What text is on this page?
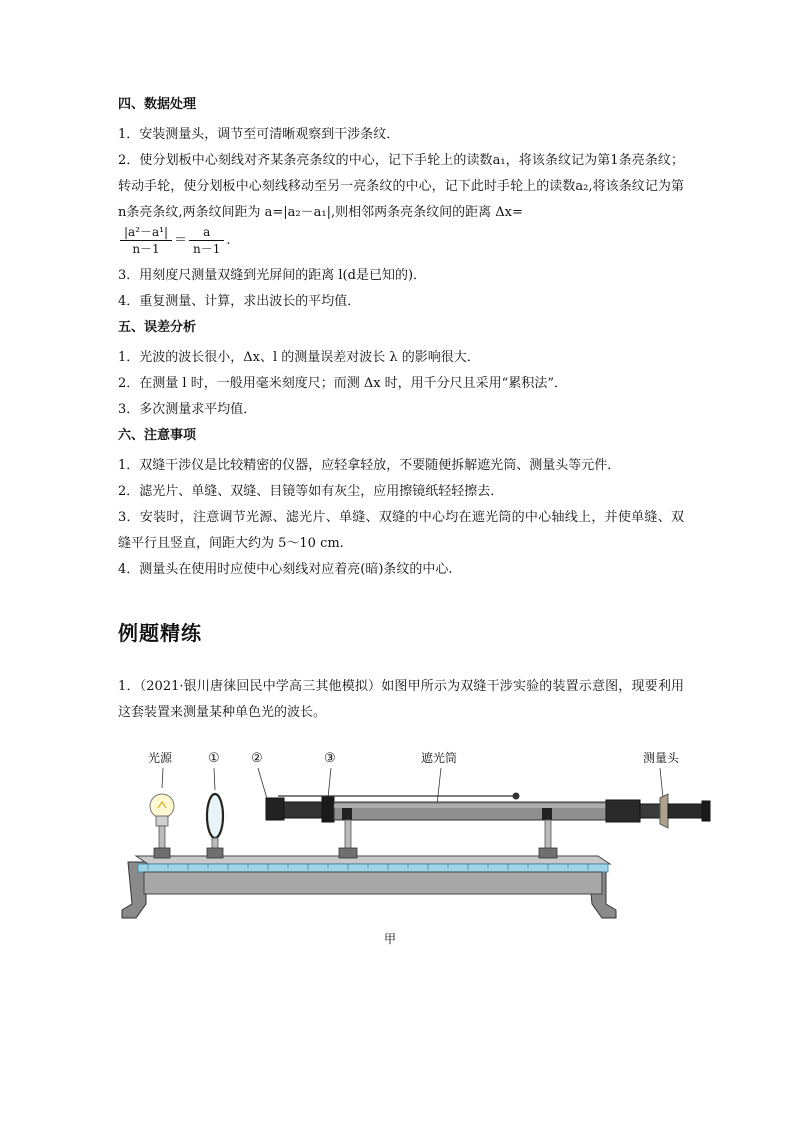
四、数据处理

1．安装测量头，调节至可清晰观察到干涉条纹．

2．使分划板中心刻线对齐某条亮条纹的中心，记下手轮上的读数a₁，将该条纹记为第1条亮条纹；转动手轮，使分划板中心刻线移动至另一亮条纹的中心，记下此时手轮上的读数a₂,将该条纹记为第n条亮条纹,两条纹间距为 a=|a₂－a₁|,则相邻两条亮条纹间的距离 Δx=

$\frac{\text{|a²－a¹|}}{n-1} = \frac{a}{n-1}$ .

3．用刻度尺测量双缝到光屏间的距离 l(d是已知的)．

4．重复测量、计算，求出波长的平均值．

五、误差分析

1．光波的波长很小，Δx、l 的测量误差对波长 λ 的影响很大．

2．在测量 l 时，一般用毫米刻度尺；而测 Δx 时，用千分尺且采用“累积法”．

3．多次测量求平均值．

六、注意事项

1．双缝干涉仪是比较精密的仪器，应轻拿轻放，不要随便拆解遮光筒、测量头等元件．

2．滤光片、单缝、双缝、目镜等如有灰尘，应用擦镜纸轻轻擦去．

3．安装时，注意调节光源、滤光片、单缝、双缝的中心均在遮光筒的中心轴线上，并使单缝、双缝平行且竖直，间距大约为 5～10 cm.

4．测量头在使用时应使中心刻线对应着亮(暗)条纹的中心.

例题精练

1．（2021·银川唐徕回民中学高三其他模拟）如图甲所示为双缝干涉实验的装置示意图，现要利用这套装置来测量某种单色光的波长。

光源	① ②	③	遮光筒	测量头
甲
